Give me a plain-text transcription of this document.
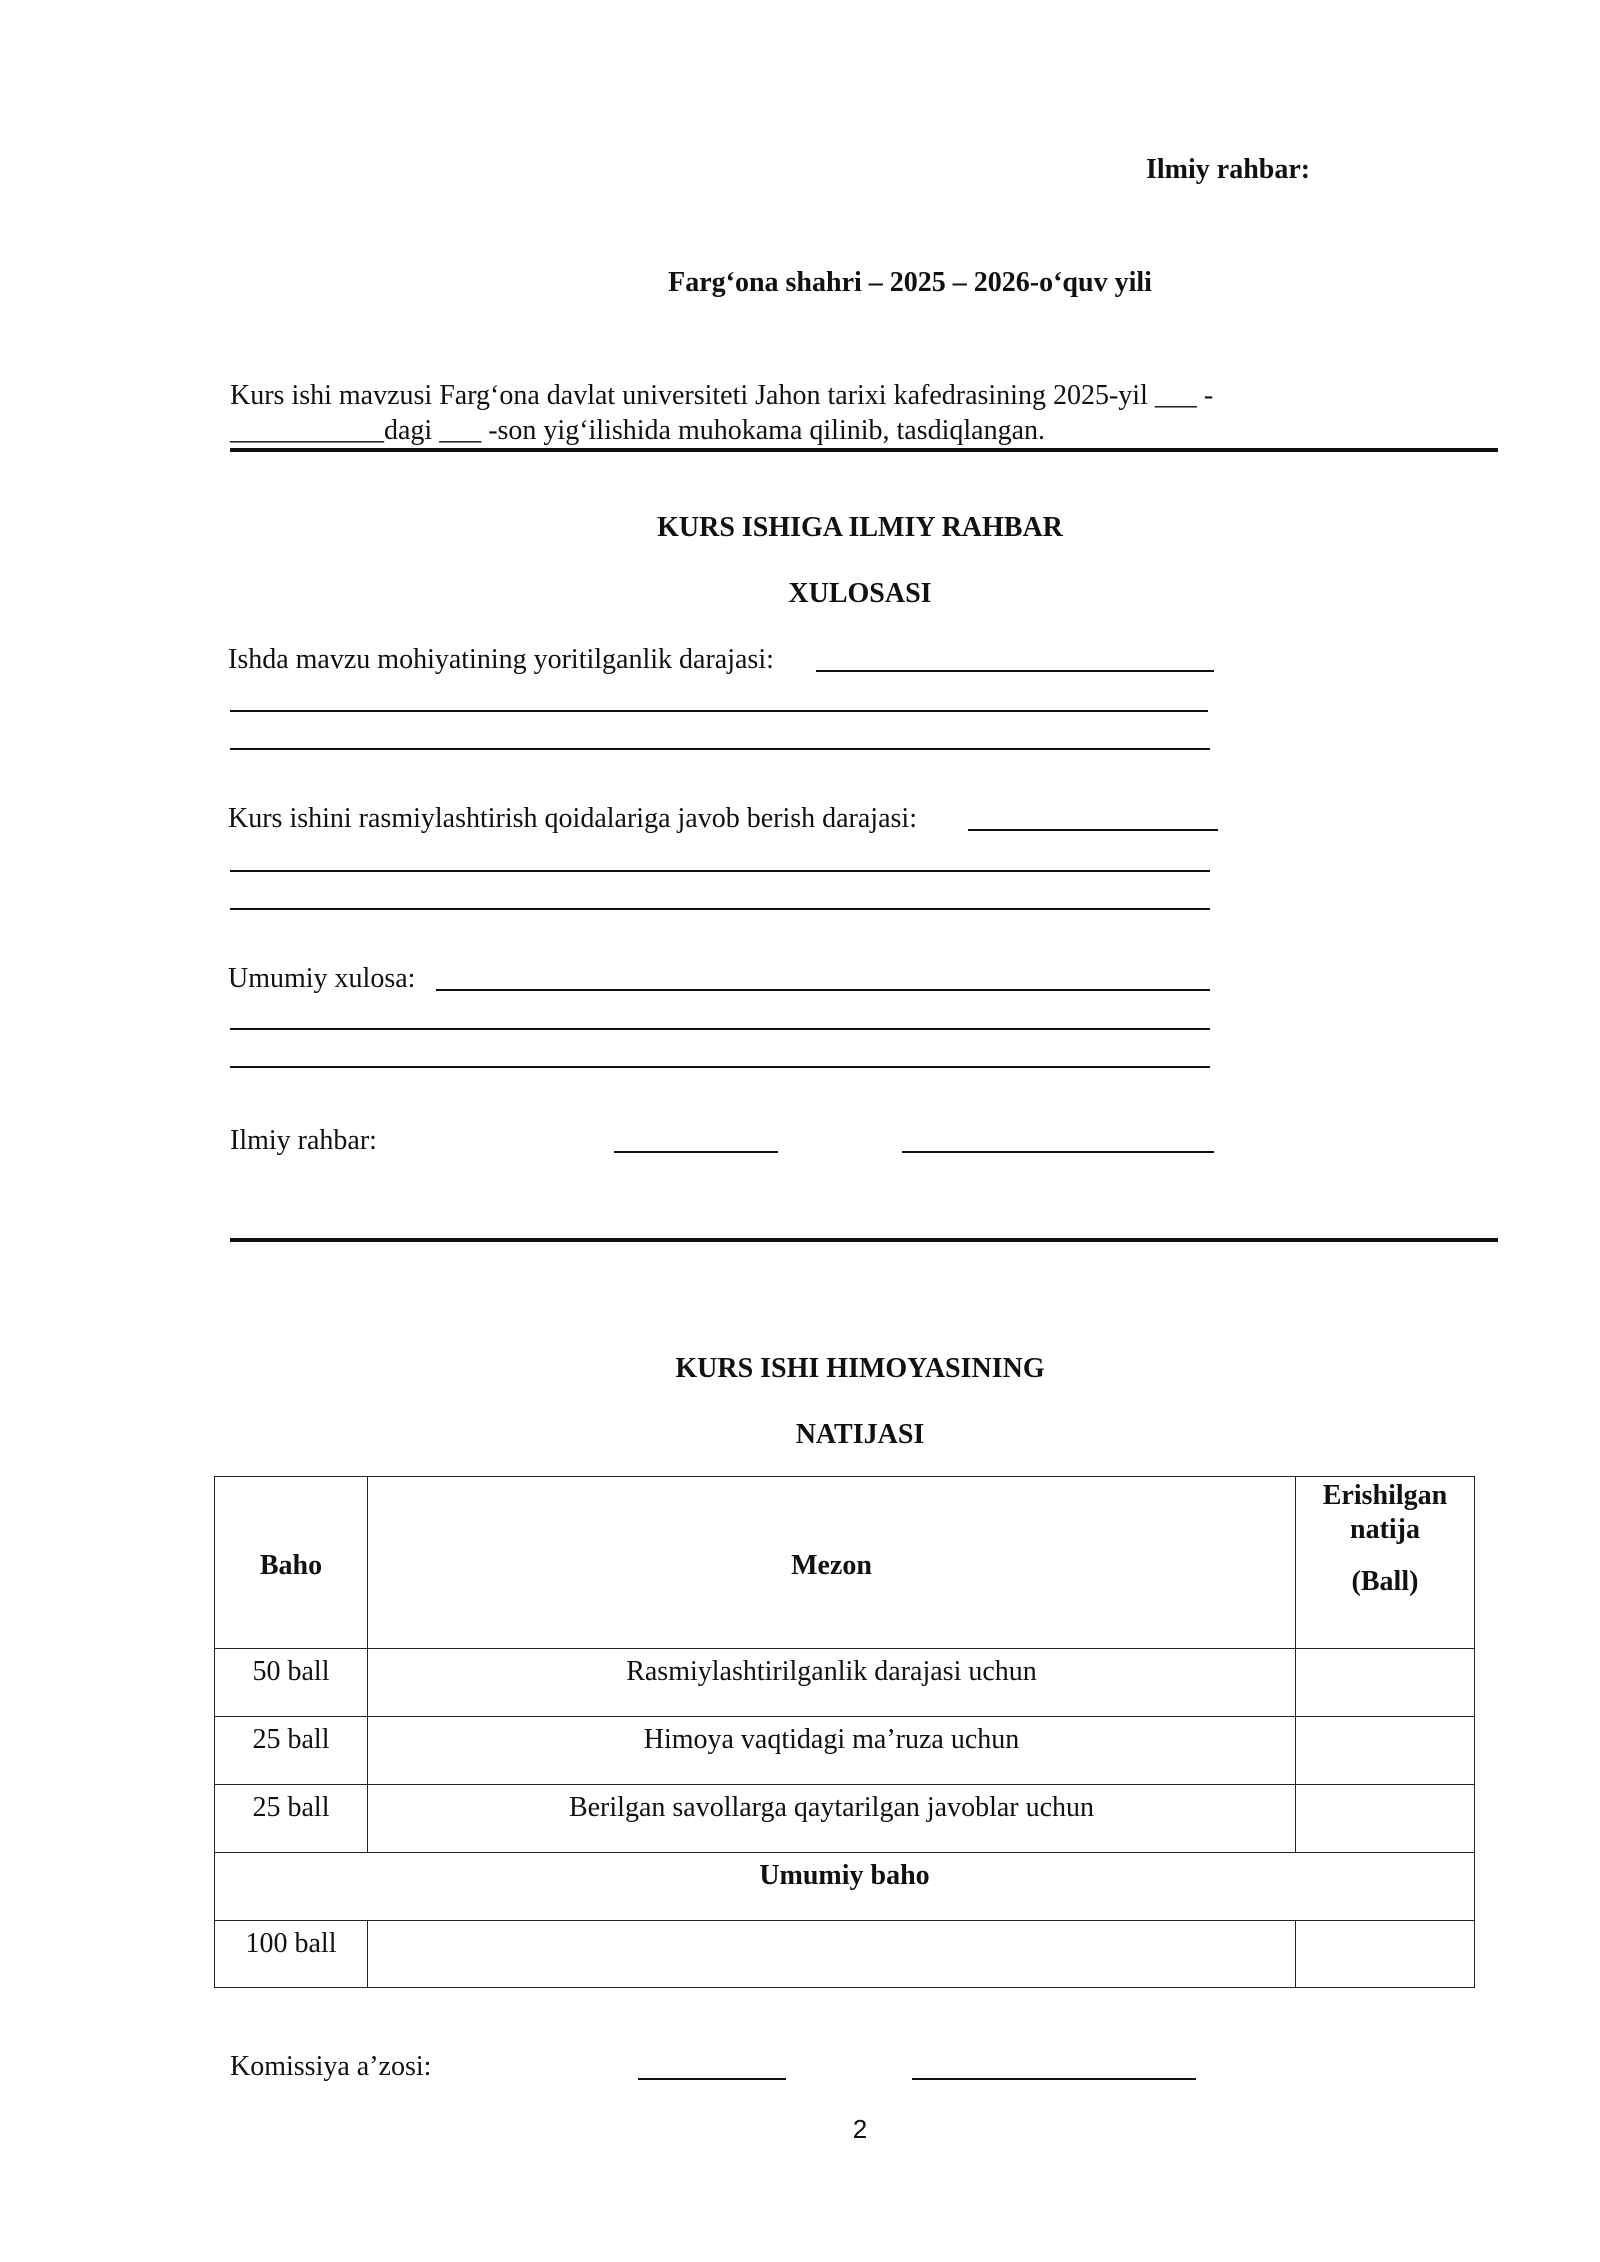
Ilmiy rahbar:
Farg‘ona shahri – 2025 – 2026-o‘quv yili
Kurs ishi mavzusi Farg‘ona davlat universiteti Jahon tarixi kafedrasining 2025-yil ___ -
___________dagi ___ -son yig‘ilishida muhokama qilinib, tasdiqlangan.
KURS ISHIGA ILMIY RAHBAR
XULOSASI
Ishda mavzu mohiyatining yoritilganlik darajasi:
Kurs ishini rasmiylashtirish qoidalariga javob berish darajasi:
Umumiy xulosa:
Ilmiy rahbar:
KURS ISHI HIMOYASINING
NATIJASI
Baho	Mezon	Erishilgan
natija
(Ball)

50 ball	Rasmiylashtirilganlik darajasi uchun	
25 ball	Himoya vaqtidagi ma’ruza uchun	
25 ball	Berilgan savollarga qaytarilgan javoblar uchun	
Umumiy baho		
100 ball		
Komissiya a’zosi:
2
